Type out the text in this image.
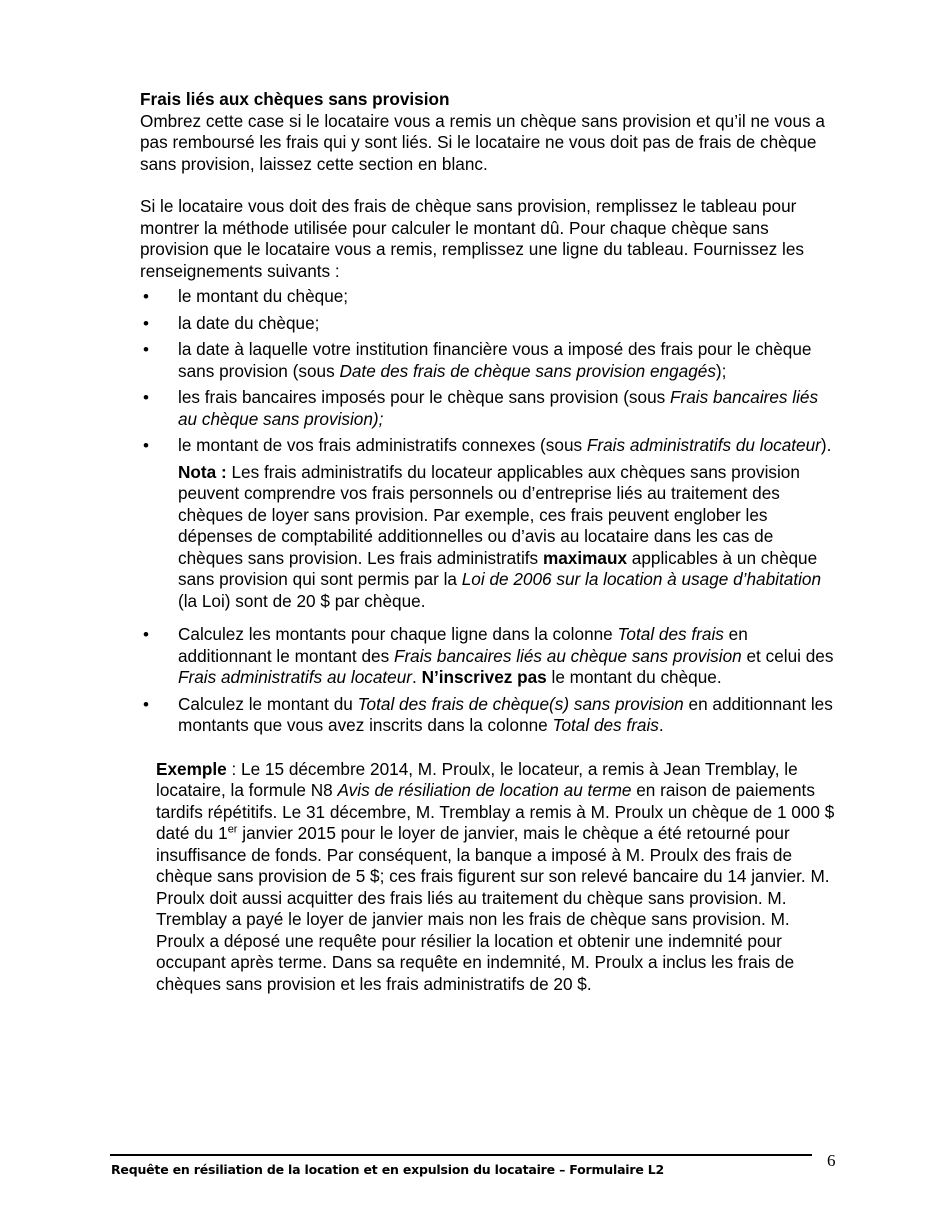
Frais liés aux chèques sans provision

Ombrez cette case si le locataire vous a remis un chèque sans provision et qu’il ne vous a pas remboursé les frais qui y sont liés. Si le locataire ne vous doit pas de frais de chèque sans provision, laissez cette section en blanc.

Si le locataire vous doit des frais de chèque sans provision, remplissez le tableau pour montrer la méthode utilisée pour calculer le montant dû. Pour chaque chèque sans provision que le locataire vous a remis, remplissez une ligne du tableau. Fournissez les renseignements suivants :

• le montant du chèque;
• la date du chèque;
• la date à laquelle votre institution financière vous a imposé des frais pour le chèque sans provision (sous Date des frais de chèque sans provision engagés);
• les frais bancaires imposés pour le chèque sans provision (sous Frais bancaires liés au chèque sans provision);
• le montant de vos frais administratifs connexes (sous Frais administratifs du locateur).

Nota : Les frais administratifs du locateur applicables aux chèques sans provision peuvent comprendre vos frais personnels ou d’entreprise liés au traitement des chèques de loyer sans provision. Par exemple, ces frais peuvent englober les dépenses de comptabilité additionnelles ou d’avis au locataire dans les cas de chèques sans provision. Les frais administratifs maximaux applicables à un chèque sans provision qui sont permis par la Loi de 2006 sur la location à usage d’habitation (la Loi) sont de 20 $ par chèque.

• Calculez les montants pour chaque ligne dans la colonne Total des frais en additionnant le montant des Frais bancaires liés au chèque sans provision et celui des Frais administratifs au locateur. N’inscrivez pas le montant du chèque.
• Calculez le montant du Total des frais de chèque(s) sans provision en additionnant les montants que vous avez inscrits dans la colonne Total des frais.

Exemple : Le 15 décembre 2014, M. Proulx, le locateur, a remis à Jean Tremblay, le locataire, la formule N8 Avis de résiliation de location au terme en raison de paiements tardifs répétitifs. Le 31 décembre, M. Tremblay a remis à M. Proulx un chèque de 1 000 $ daté du 1er janvier 2015 pour le loyer de janvier, mais le chèque a été retourné pour insuffisance de fonds. Par conséquent, la banque a imposé à M. Proulx des frais de chèque sans provision de 5 $; ces frais figurent sur son relevé bancaire du 14 janvier. M. Proulx doit aussi acquitter des frais liés au traitement du chèque sans provision. M. Tremblay a payé le loyer de janvier mais non les frais de chèque sans provision. M. Proulx a déposé une requête pour résilier la location et obtenir une indemnité pour occupant après terme. Dans sa requête en indemnité, M. Proulx a inclus les frais de chèques sans provision et les frais administratifs de 20 $.

Requête en résiliation de la location et en expulsion du locataire – Formulaire L2	6
